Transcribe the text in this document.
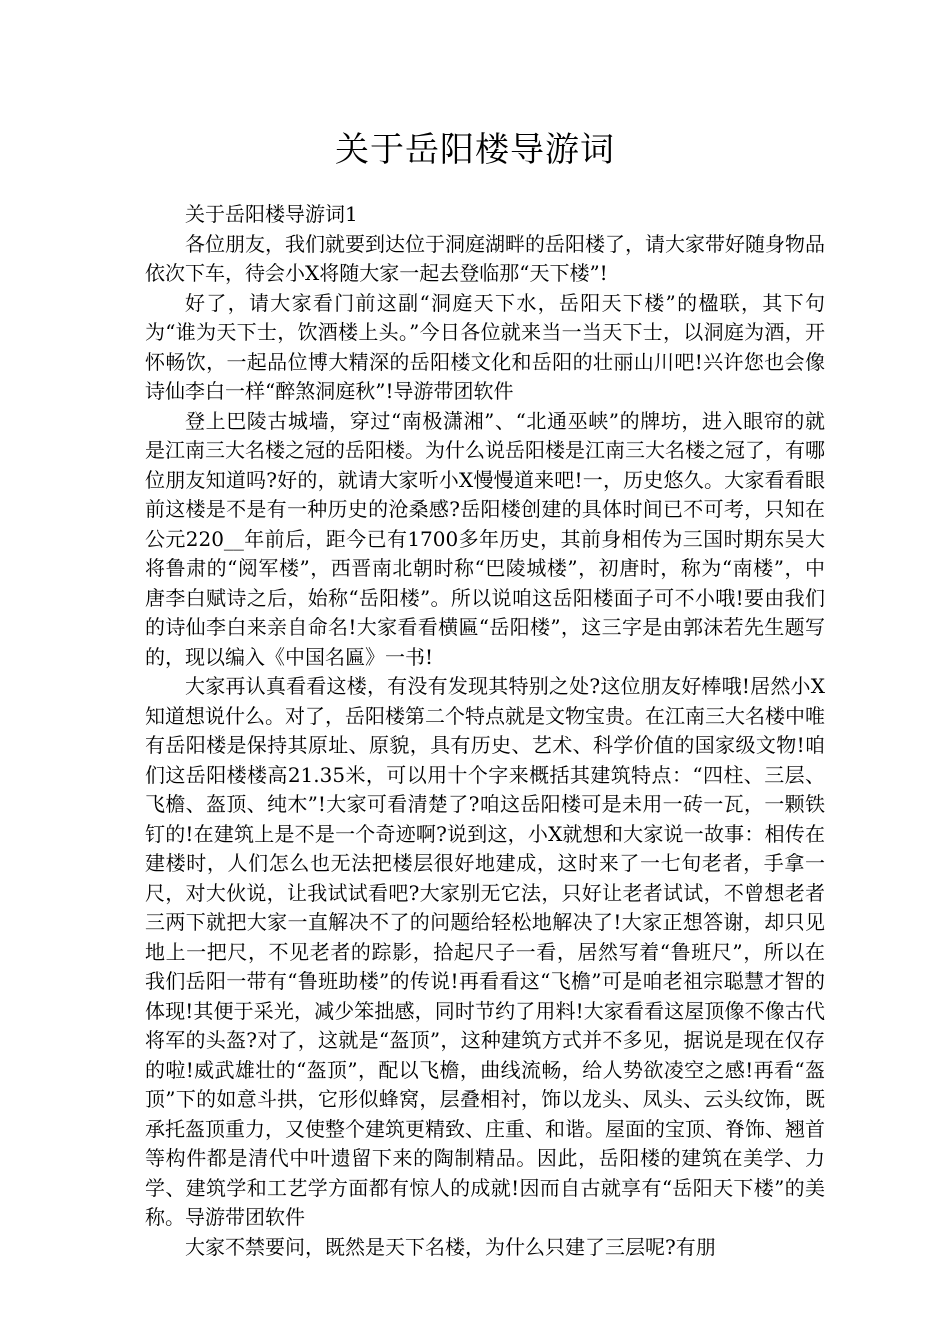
关于岳阳楼导游词

关于岳阳楼导游词1

各位朋友，我们就要到达位于洞庭湖畔的岳阳楼了，请大家带好随身物品依次下车，待会小X将随大家一起去登临那“天下楼”!

好了，请大家看门前这副“洞庭天下水，岳阳天下楼”的楹联，其下句为“谁为天下士，饮酒楼上头。”今日各位就来当一当天下士，以洞庭为酒，开怀畅饮，一起品位博大精深的岳阳楼文化和岳阳的壮丽山川吧!兴许您也会像诗仙李白一样“醉煞洞庭秋”!导游带团软件

登上巴陵古城墙，穿过“南极潇湘”、“北通巫峡”的牌坊，进入眼帘的就是江南三大名楼之冠的岳阳楼。为什么说岳阳楼是江南三大名楼之冠了，有哪位朋友知道吗?好的，就请大家听小X慢慢道来吧!一，历史悠久。大家看看眼前这楼是不是有一种历史的沧桑感?岳阳楼创建的具体时间已不可考，只知在公元220__年前后，距今已有1700多年历史，其前身相传为三国时期东吴大将鲁肃的“阅军楼”，西晋南北朝时称“巴陵城楼”，初唐时，称为“南楼”，中唐李白赋诗之后，始称“岳阳楼”。所以说咱这岳阳楼面子可不小哦!要由我们的诗仙李白来亲自命名!大家看看横匾“岳阳楼”，这三字是由郭沫若先生题写的，现以编入《中国名匾》一书!

大家再认真看看这楼，有没有发现其特别之处?这位朋友好棒哦!居然小X知道想说什么。对了，岳阳楼第二个特点就是文物宝贵。在江南三大名楼中唯有岳阳楼是保持其原址、原貌，具有历史、艺术、科学价值的国家级文物!咱们这岳阳楼楼高21.35米，可以用十个字来概括其建筑特点：“四柱、三层、飞檐、盔顶、纯木”!大家可看清楚了?咱这岳阳楼可是未用一砖一瓦，一颗铁钉的!在建筑上是不是一个奇迹啊?说到这，小X就想和大家说一故事：相传在建楼时，人们怎么也无法把楼层很好地建成，这时来了一七旬老者，手拿一尺，对大伙说，让我试试看吧?大家别无它法，只好让老者试试，不曾想老者三两下就把大家一直解决不了的问题给轻松地解决了!大家正想答谢，却只见地上一把尺，不见老者的踪影，拾起尺子一看，居然写着“鲁班尺”，所以在我们岳阳一带有“鲁班助楼”的传说!再看看这“飞檐”可是咱老祖宗聪慧才智的体现!其便于采光，减少笨拙感，同时节约了用料!大家看看这屋顶像不像古代将军的头盔?对了，这就是“盔顶”，这种建筑方式并不多见，据说是现在仅存的啦!威武雄壮的“盔顶”，配以飞檐，曲线流畅，给人势欲凌空之感!再看“盔顶”下的如意斗拱，它形似蜂窝，层叠相衬，饰以龙头、凤头、云头纹饰，既承托盔顶重力，又使整个建筑更精致、庄重、和谐。屋面的宝顶、脊饰、翘首等构件都是清代中叶遗留下来的陶制精品。因此，岳阳楼的建筑在美学、力学、建筑学和工艺学方面都有惊人的成就!因而自古就享有“岳阳天下楼”的美称。导游带团软件

大家不禁要问，既然是天下名楼，为什么只建了三层呢?有朋
